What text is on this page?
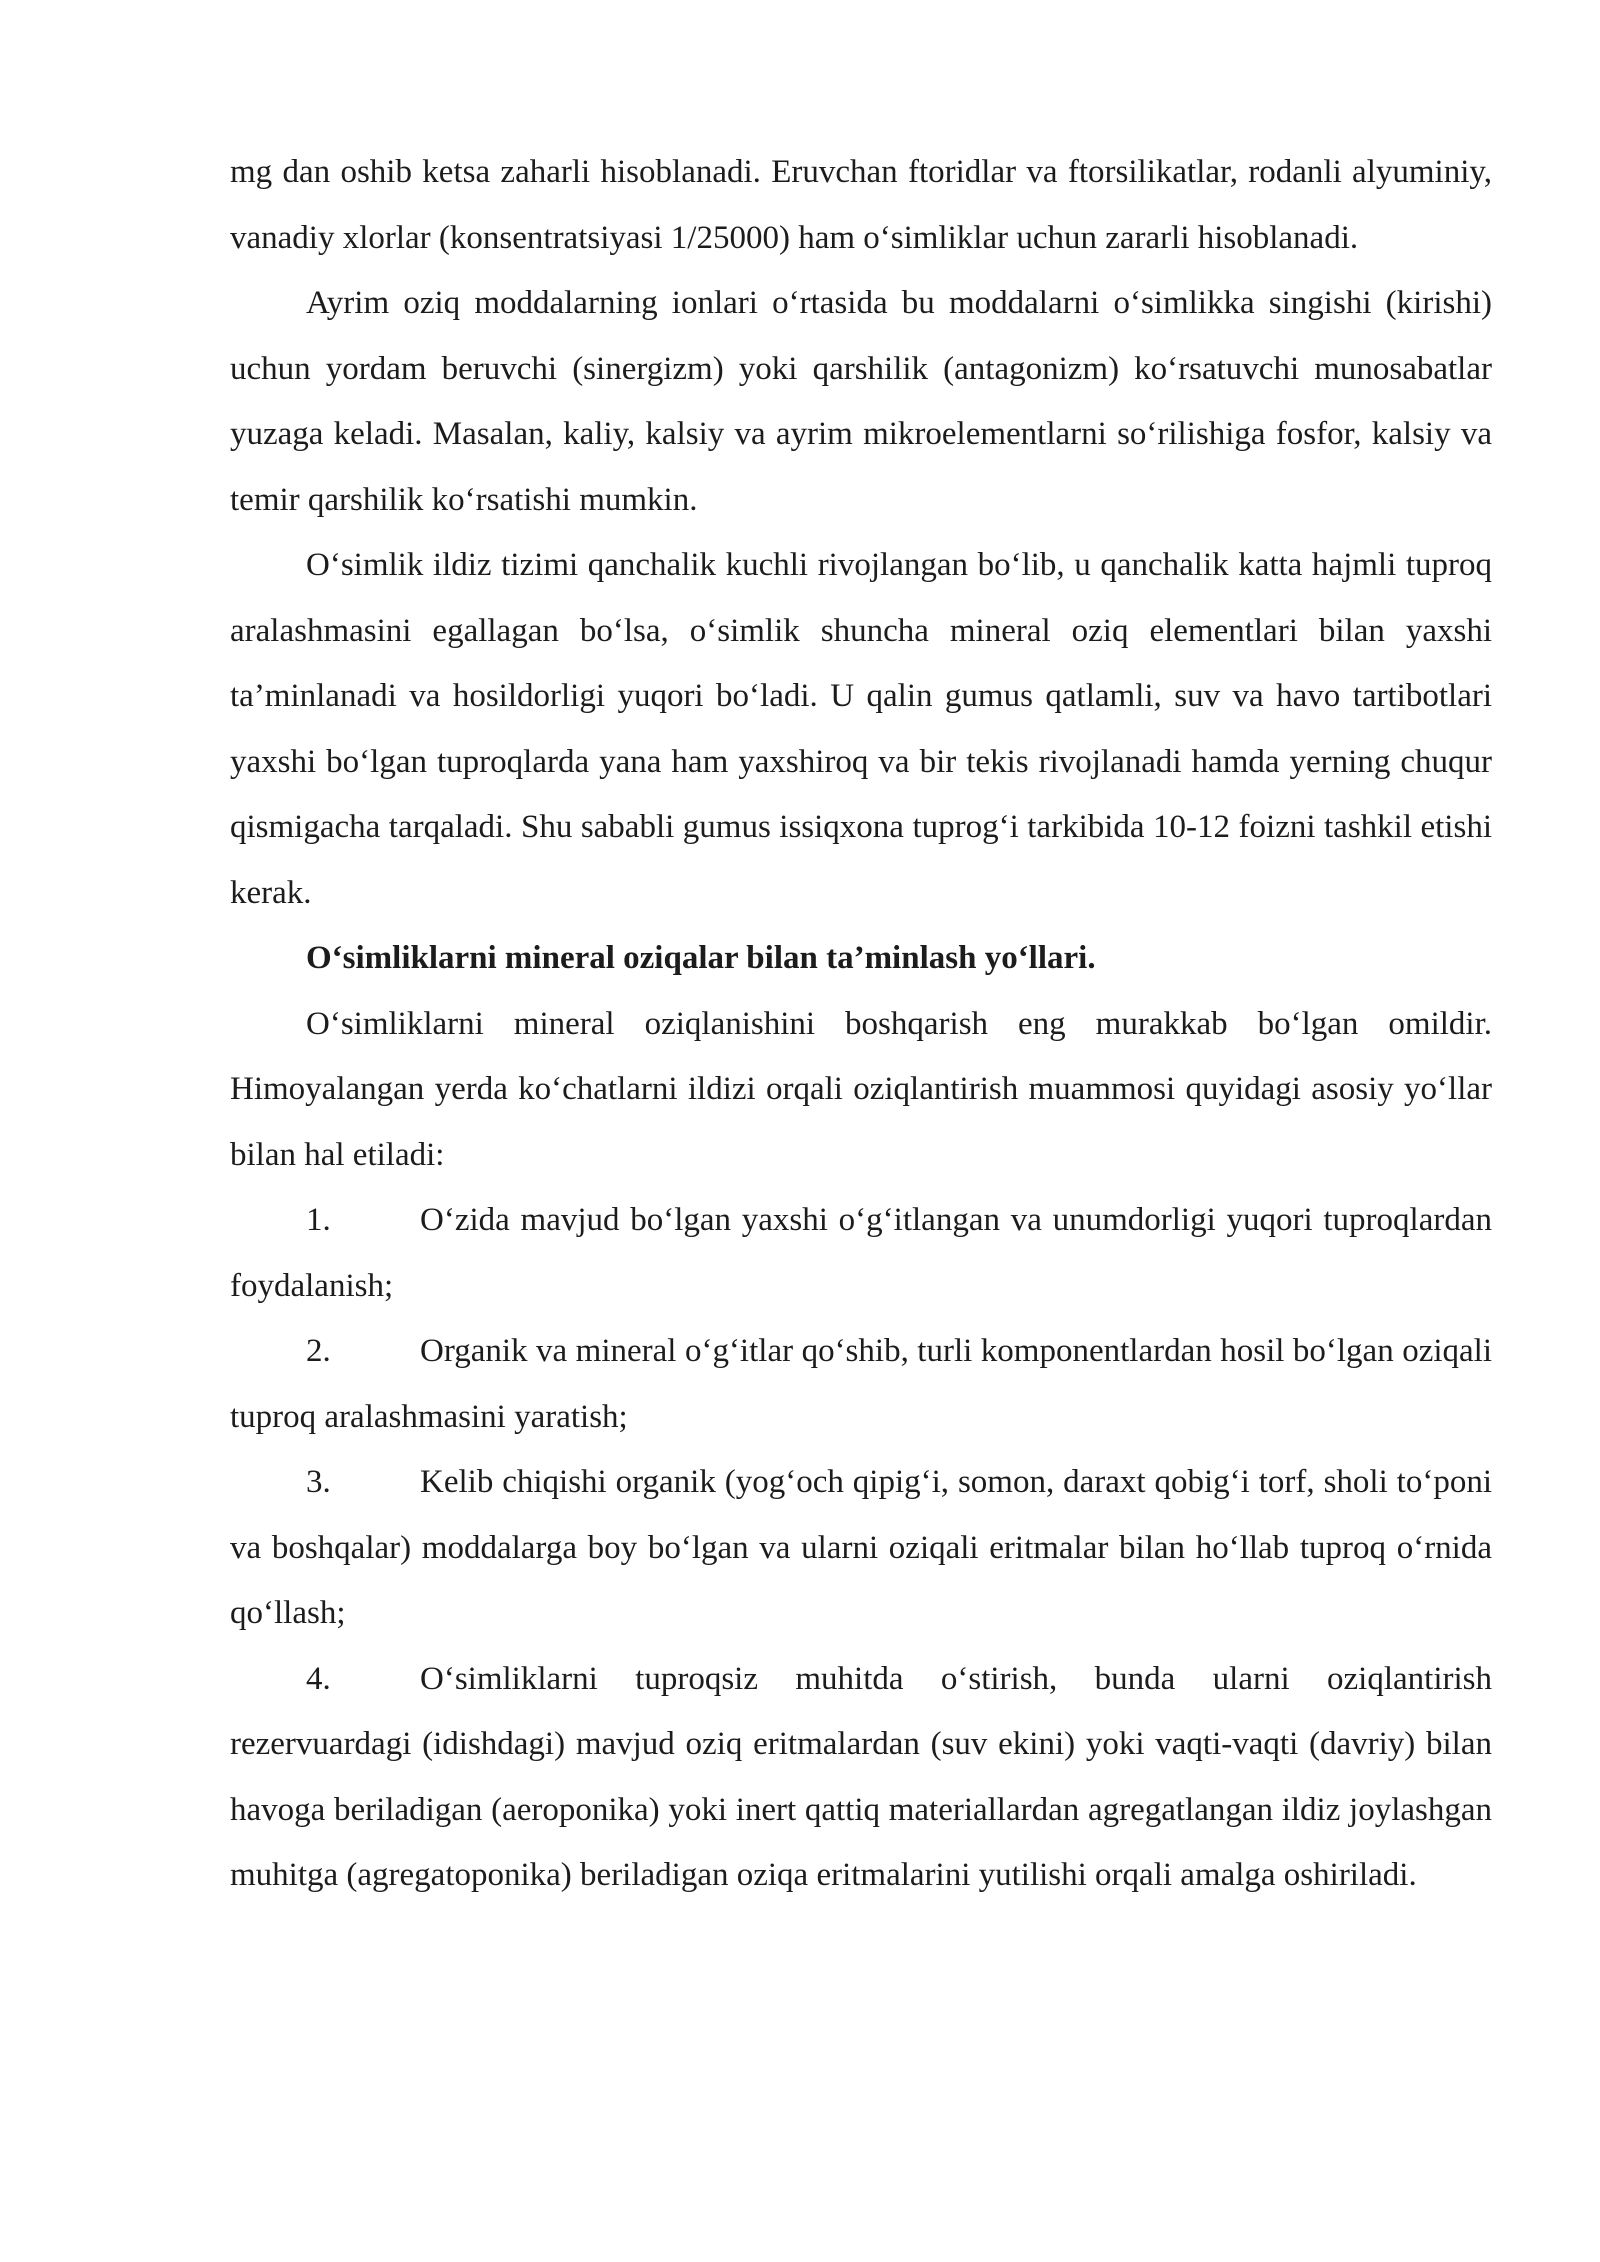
mg dan oshib ketsa zaharli hisoblanadi. Eruvchan ftoridlar va ftorsilikatlar, rodanli alyuminiy, vanadiy xlorlar (konsentratsiyasi 1/25000) ham o‘simliklar uchun zararli hisoblanadi.

Ayrim oziq moddalarning ionlari o‘rtasida bu moddalarni o‘simlikka singishi (kirishi) uchun yordam beruvchi (sinergizm) yoki qarshilik (antagonizm) ko‘rsatuvchi munosabatlar yuzaga keladi. Masalan, kaliy, kalsiy va ayrim mikroelementlarni so‘rilishiga fosfor, kalsiy va temir qarshilik ko‘rsatishi mumkin.

O‘simlik ildiz tizimi qanchalik kuchli rivojlangan bo‘lib, u qanchalik katta hajmli tuproq aralashmasini egallagan bo‘lsa, o‘simlik shuncha mineral oziq elementlari bilan yaxshi ta’minlanadi va hosildorligi yuqori bo‘ladi. U qalin gumus qatlamli, suv va havo tartibotlari yaxshi bo‘lgan tuproqlarda yana ham yaxshiroq va bir tekis rivojlanadi hamda yerning chuqur qismigacha tarqaladi. Shu sababli gumus issiqxona tuprog‘i tarkibida 10-12 foizni tashkil etishi kerak.

O‘simliklarni mineral oziqalar bilan ta’minlash yo‘llari.

O‘simliklarni mineral oziqlanishini boshqarish eng murakkab bo‘lgan omildir. Himoyalangan yerda ko‘chatlarni ildizi orqali oziqlantirish muammosi quyidagi asosiy yo‘llar bilan hal etiladi:

1.	O‘zida mavjud bo‘lgan yaxshi o‘g‘itlangan va unumdorligi yuqori tuproqlardan foydalanish;

2.	Organik va mineral o‘g‘itlar qo‘shib, turli komponentlardan hosil bo‘lgan oziqali tuproq aralashmasini yaratish;

3.	Kelib chiqishi organik (yog‘och qipig‘i, somon, daraxt qobig‘i torf, sholi to‘poni va boshqalar) moddalarga boy bo‘lgan va ularni oziqali eritmalar bilan ho‘llab tuproq o‘rnida qo‘llash;

4.	O‘simliklarni tuproqsiz muhitda o‘stirish, bunda ularni oziqlantirish rezervuardagi (idishdagi) mavjud oziq eritmalardan (suv ekini) yoki vaqti-vaqti (davriy) bilan havoga beriladigan (aeroponika) yoki inert qattiq materiallardan agregatlangan ildiz joylashgan muhitga (agregatoponika) beriladigan oziqa eritmalarini yutilishi orqali amalga oshiriladi.
